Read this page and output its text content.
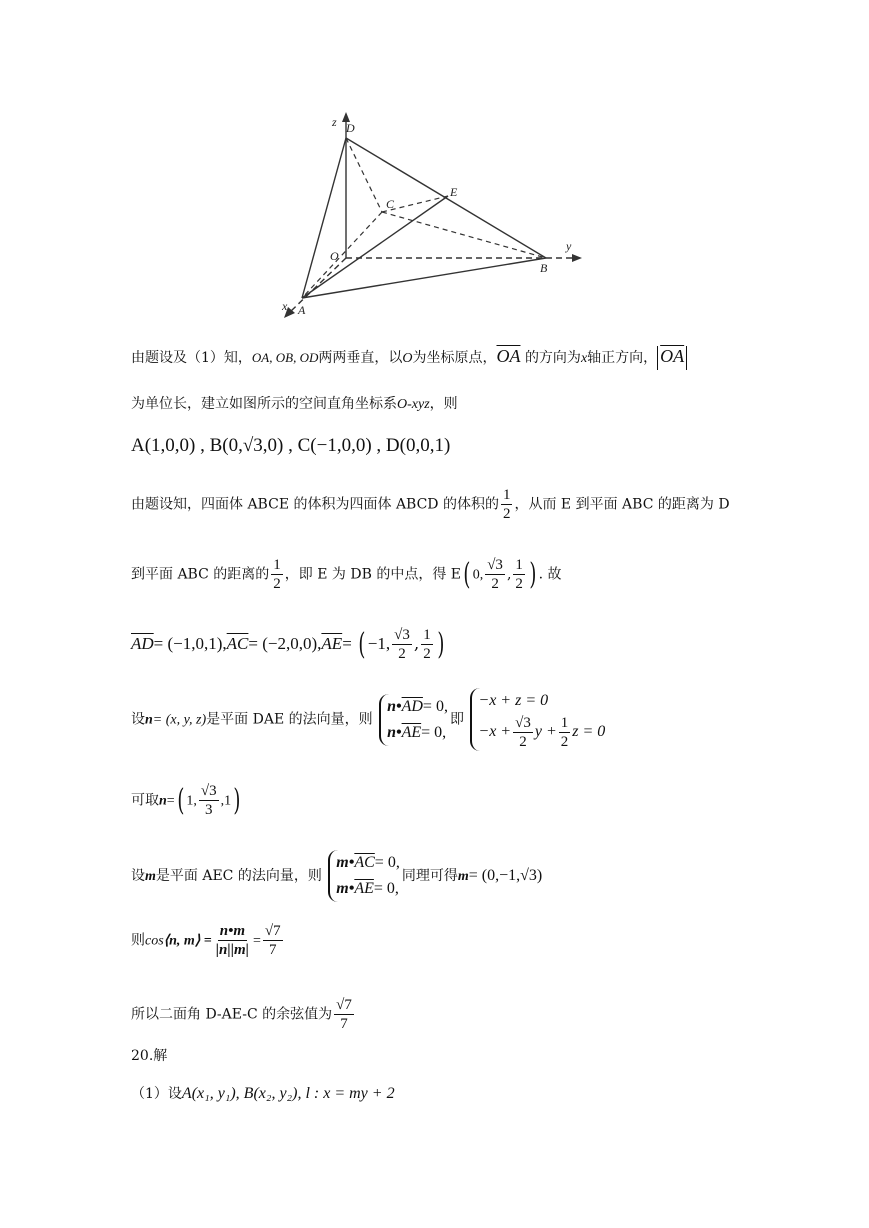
z D
C
E
O
y
B
x A
由题设及（1）知，OA, OB, OD两两垂直，以O为坐标原点，$\overline{OA}$ 的方向为x轴正方向， $\overline{OA}$
为单位长，建立如图所示的空间直角坐标系O-xyz，则
A(1,0,0) , B(0,√3,0) , C(−1,0,0) , D(0,0,1)
由题设知，四面体 ABCE 的体积为四面体 ABCD 的体积的 $\frac{1}{2}$ ，从而 E 到平面 ABC 的距离为 D
到平面 ABC 的距离的 $\frac{1}{2}$ ，即 E 为 DB 的中点，得 E( 0, $\frac{√3}{2}$ , $\frac{1}{2}$ ) . 故
$\overline{AD}= (-1,0,1),\overline{AC}= (-2,0,0),\overline{AE}=$ ( −1, $\frac{√3}{2}$ , $\frac{1}{2}$ )
设n= (x, y, z)是平面 DAE 的法向量，则
$n•\overline{AD}= 0$,
$n•\overline{AE}= 0$,
即
−x + z = 0
$-x + \frac{√3}{2}$ $y + \frac{1}{2}$ z = 0
可取n=( 1, $\frac{√3}{3} ,1$)
设m是平面 AEC 的法向量，则
$m•\overline{AC}= 0$,
$m•\overline{AE}= 0$,
同理可得m= (0,−1,√3)
则cos⟨n, m⟩ = $\frac{n•m}{|n||m|} = \frac{√7}{7}$
所以二面角 D-AE-C 的余弦值为 $\frac{√7}{7}$
20.解
（1）设A(x₁, y₁), B(x₂, y₂), l : x = my + 2
